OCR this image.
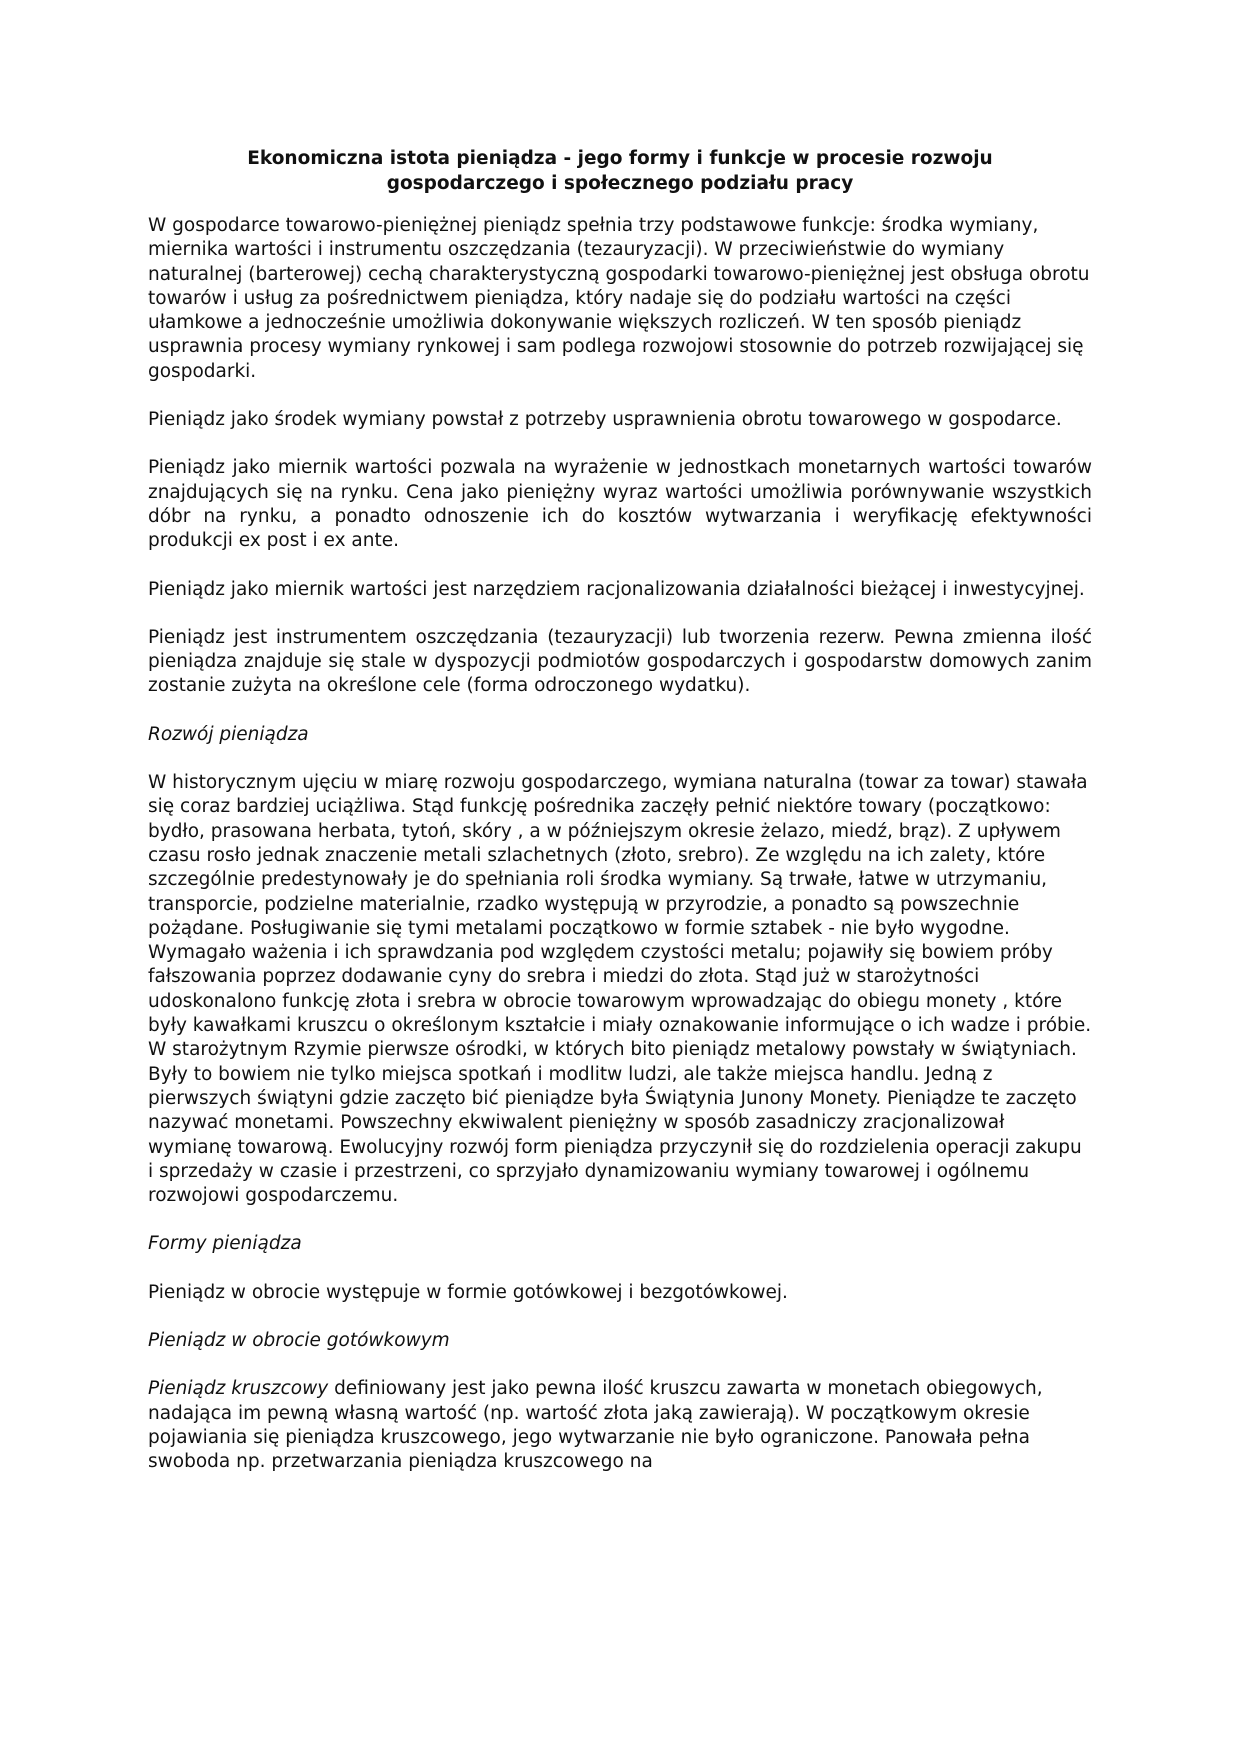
Ekonomiczna istota pieniądza - jego formy i funkcje w procesie rozwoju
gospodarczego i społecznego podziału pracy

W gospodarce towarowo-pieniężnej pieniądz spełnia trzy podstawowe funkcje: środka wymiany, miernika wartości i instrumentu oszczędzania (tezauryzacji). W przeciwieństwie do wymiany naturalnej (barterowej) cechą charakterystyczną gospodarki towarowo-pieniężnej jest obsługa obrotu towarów i usług za pośrednictwem pieniądza, który nadaje się do podziału wartości na części ułamkowe a jednocześnie umożliwia dokonywanie większych rozliczeń. W ten sposób pieniądz usprawnia procesy wymiany rynkowej i sam podlega rozwojowi stosownie do potrzeb rozwijającej się gospodarki.

Pieniądz jako środek wymiany powstał z potrzeby usprawnienia obrotu towarowego w gospodarce.

Pieniądz jako miernik wartości pozwala na wyrażenie w jednostkach monetarnych wartości towarów znajdujących się na rynku. Cena jako pieniężny wyraz wartości umożliwia porównywanie wszystkich dóbr na rynku, a ponadto odnoszenie ich do kosztów wytwarzania i weryfikację efektywności produkcji ex post i ex ante.

Pieniądz jako miernik wartości jest narzędziem racjonalizowania działalności bieżącej i inwestycyjnej.

Pieniądz jest instrumentem oszczędzania (tezauryzacji) lub tworzenia rezerw. Pewna zmienna ilość pieniądza znajduje się stale w dyspozycji podmiotów gospodarczych i gospodarstw domowych zanim zostanie zużyta na określone cele (forma odroczonego wydatku).

Rozwój pieniądza

W historycznym ujęciu w miarę rozwoju gospodarczego, wymiana naturalna (towar za towar) stawała się coraz bardziej uciążliwa. Stąd funkcję pośrednika zaczęły pełnić niektóre towary (początkowo: bydło, prasowana herbata, tytoń, skóry , a w późniejszym okresie żelazo, miedź, brąz). Z upływem czasu rosło jednak znaczenie metali szlachetnych (złoto, srebro). Ze względu na ich zalety, które szczególnie predestynowały je do spełniania roli środka wymiany. Są trwałe, łatwe w utrzymaniu, transporcie, podzielne materialnie, rzadko występują w przyrodzie, a ponadto są powszechnie pożądane. Posługiwanie się tymi metalami początkowo w formie sztabek - nie było wygodne. Wymagało ważenia i ich sprawdzania pod względem czystości metalu; pojawiły się bowiem próby fałszowania poprzez dodawanie cyny do srebra i miedzi do złota. Stąd już w starożytności udoskonalono funkcję złota i srebra w obrocie towarowym wprowadzając do obiegu monety , które były kawałkami kruszcu o określonym kształcie i miały oznakowanie informujące o ich wadze i próbie. W starożytnym Rzymie pierwsze ośrodki, w których bito pieniądz metalowy powstały w świątyniach. Były to bowiem nie tylko miejsca spotkań i modlitw ludzi, ale także miejsca handlu. Jedną z pierwszych świątyni gdzie zaczęto bić pieniądze była Świątynia Junony Monety. Pieniądze te zaczęto nazywać monetami. Powszechny ekwiwalent pieniężny w sposób zasadniczy zracjonalizował wymianę towarową. Ewolucyjny rozwój form pieniądza przyczynił się do rozdzielenia operacji zakupu i sprzedaży w czasie i przestrzeni, co sprzyjało dynamizowaniu wymiany towarowej i ogólnemu rozwojowi gospodarczemu.

Formy pieniądza

Pieniądz w obrocie występuje w formie gotówkowej i bezgotówkowej.

Pieniądz w obrocie gotówkowym

Pieniądz kruszcowy definiowany jest jako pewna ilość kruszcu zawarta w monetach obiegowych, nadająca im pewną własną wartość (np. wartość złota jaką zawierają). W początkowym okresie pojawiania się pieniądza kruszcowego, jego wytwarzanie nie było ograniczone. Panowała pełna swoboda np. przetwarzania pieniądza kruszcowego na
